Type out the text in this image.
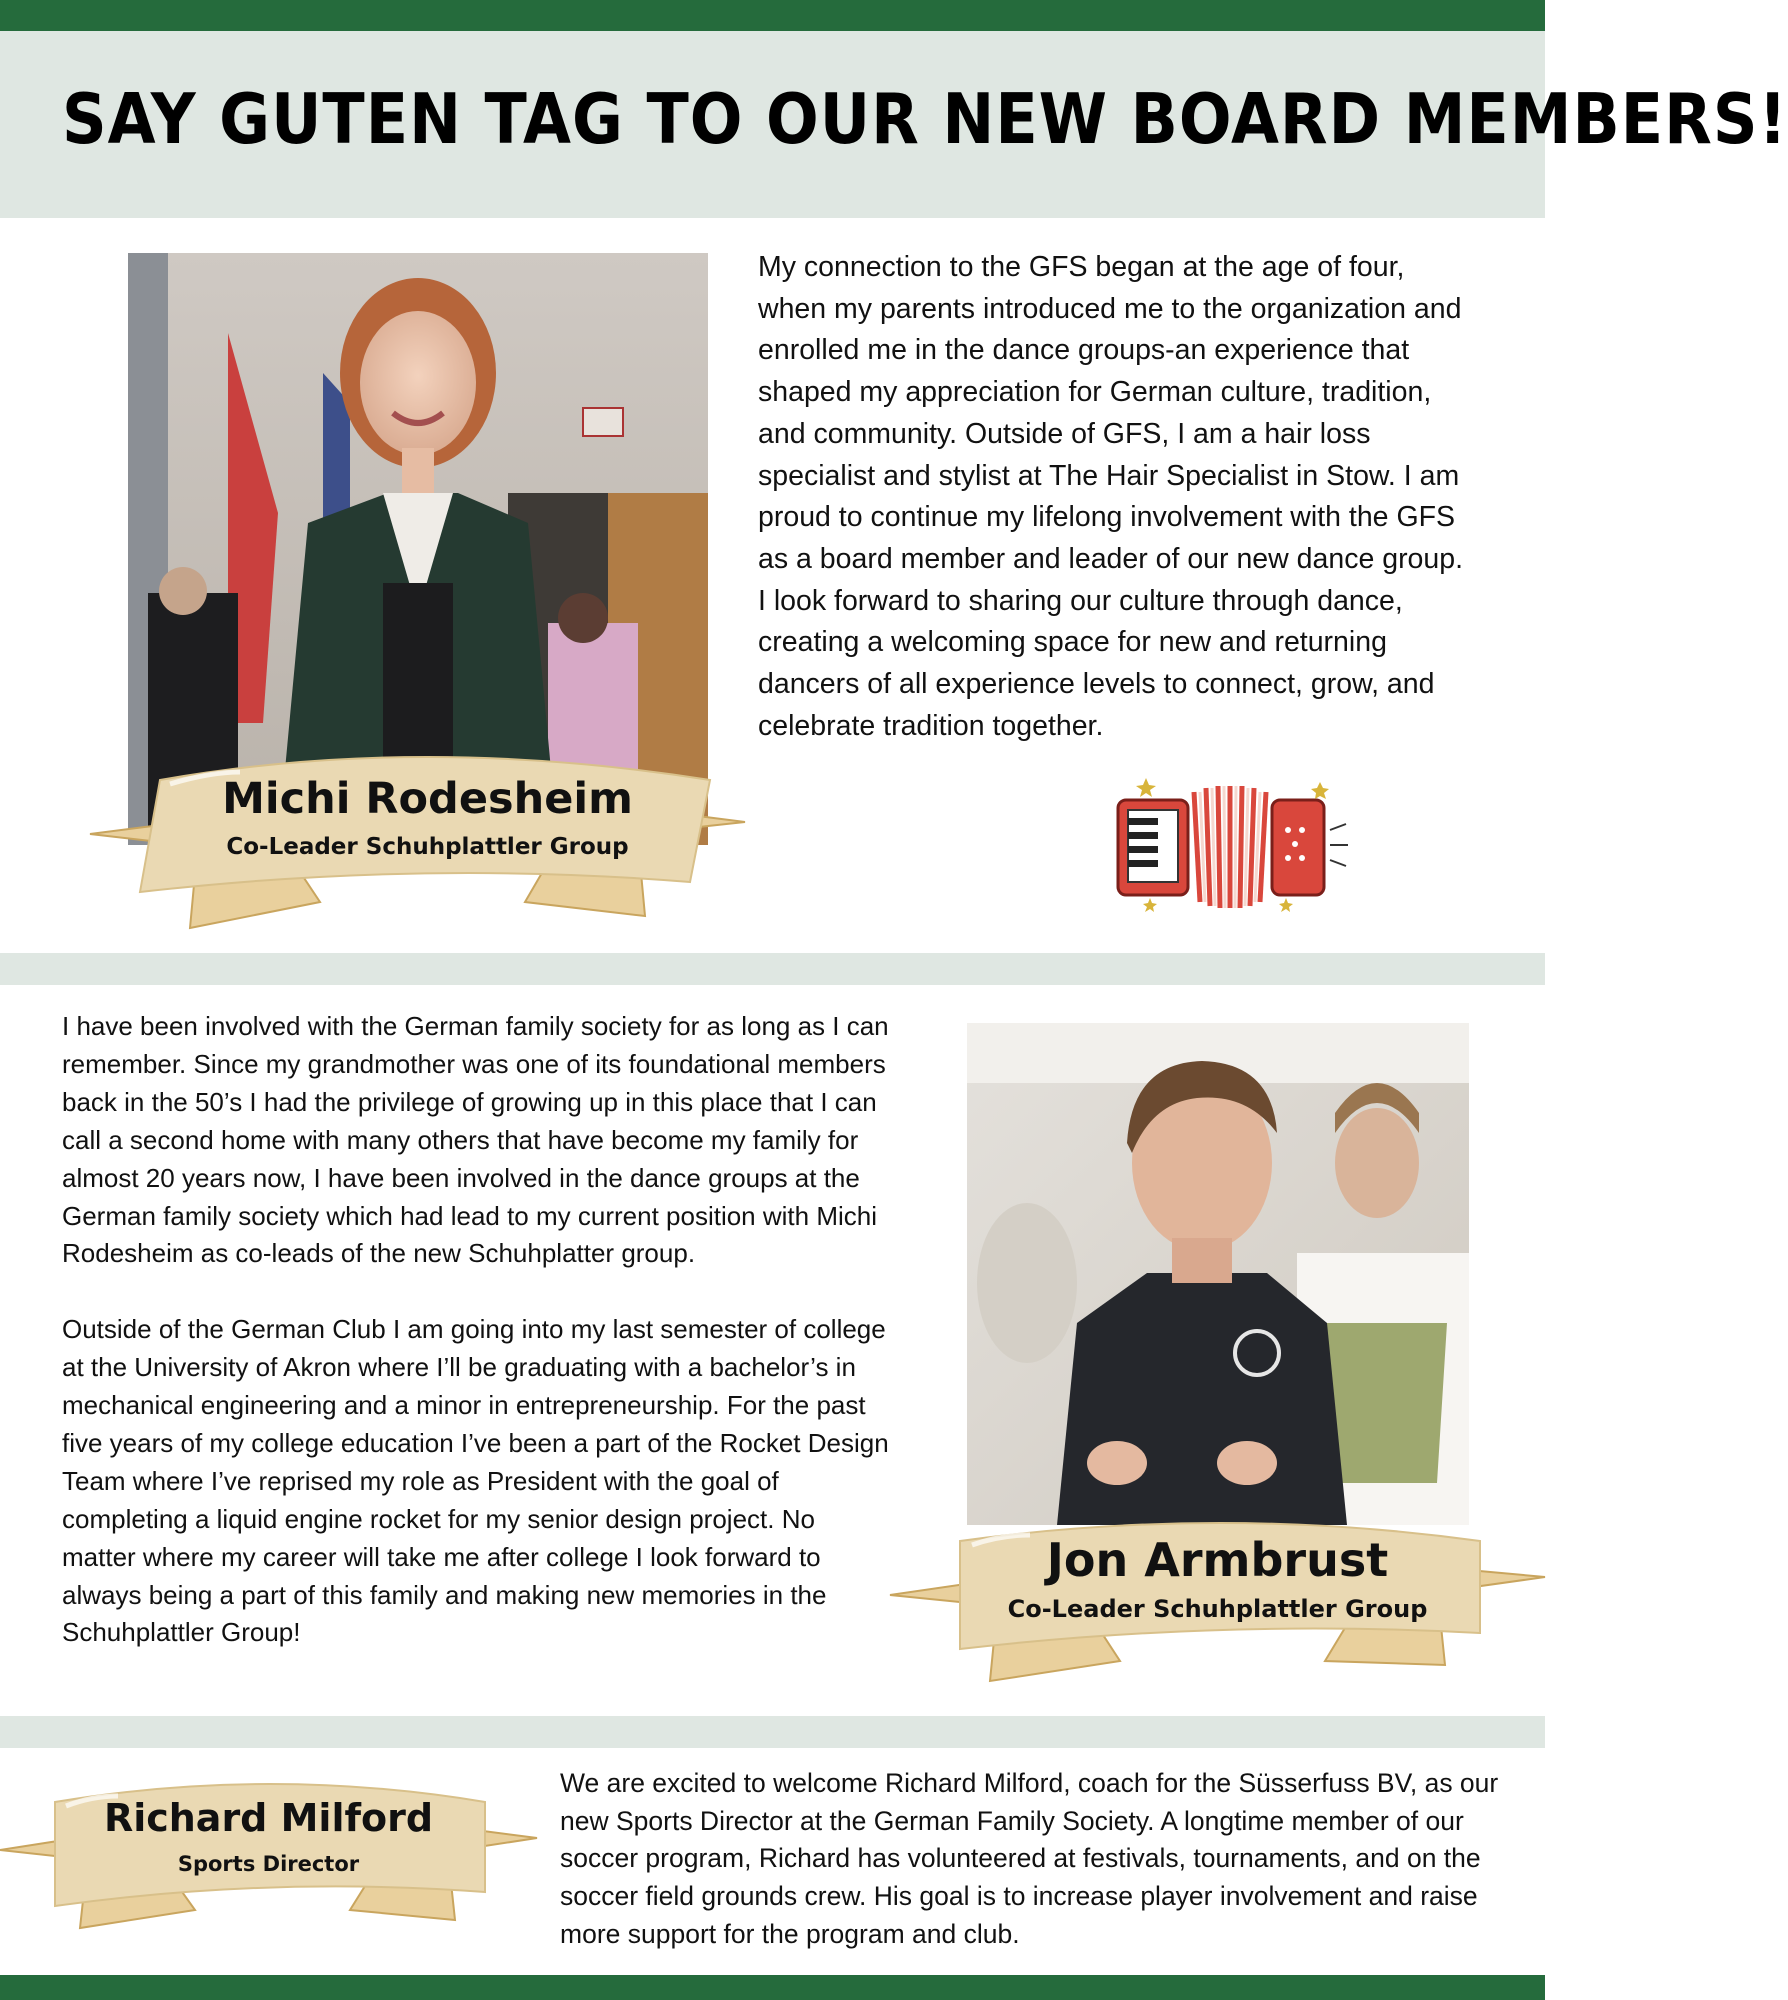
SAY GUTEN TAG TO OUR NEW BOARD MEMBERS!
My connection to the GFS began at the age of four, when my parents introduced me to the organization and enrolled me in the dance groups-an experience that shaped my appreciation for German culture, tradition, and community. Outside of GFS, I am a hair loss specialist and stylist at The Hair Specialist in Stow. I am proud to continue my lifelong involvement with the GFS as a board member and leader of our new dance group. I look forward to sharing our culture through dance, creating a welcoming space for new and returning dancers of all experience levels to connect, grow, and celebrate tradition together.
Michi Rodesheim
Co-Leader Schuhplattler Group

I have been involved with the German family society for as long as I can remember. Since my grandmother was one of its foundational members back in the 50’s I had the privilege of growing up in this place that I can call a second home with many others that have become my family for almost 20 years now, I have been involved in the dance groups at the German family society which had lead to my current position with Michi Rodesheim as co-leads of the new Schuhplatter group.

Outside of the German Club I am going into my last semester of college at the University of Akron where I’ll be graduating with a bachelor’s in mechanical engineering and a minor in entrepreneurship. For the past five years of my college education I’ve been a part of the Rocket Design Team where I’ve reprised my role as President with the goal of completing a liquid engine rocket for my senior design project. No matter where my career will take me after college I look forward to always being a part of this family and making new memories in the Schuhplattler Group!

Jon Armbrust
Co-Leader Schuhplattler Group
Richard Milford
Sports Director

We are excited to welcome Richard Milford, coach for the Süsserfuss BV, as our new Sports Director at the German Family Society. A longtime member of our soccer program, Richard has volunteered at festivals, tournaments, and on the soccer field grounds crew. His goal is to increase player involvement and raise more support for the program and club.
